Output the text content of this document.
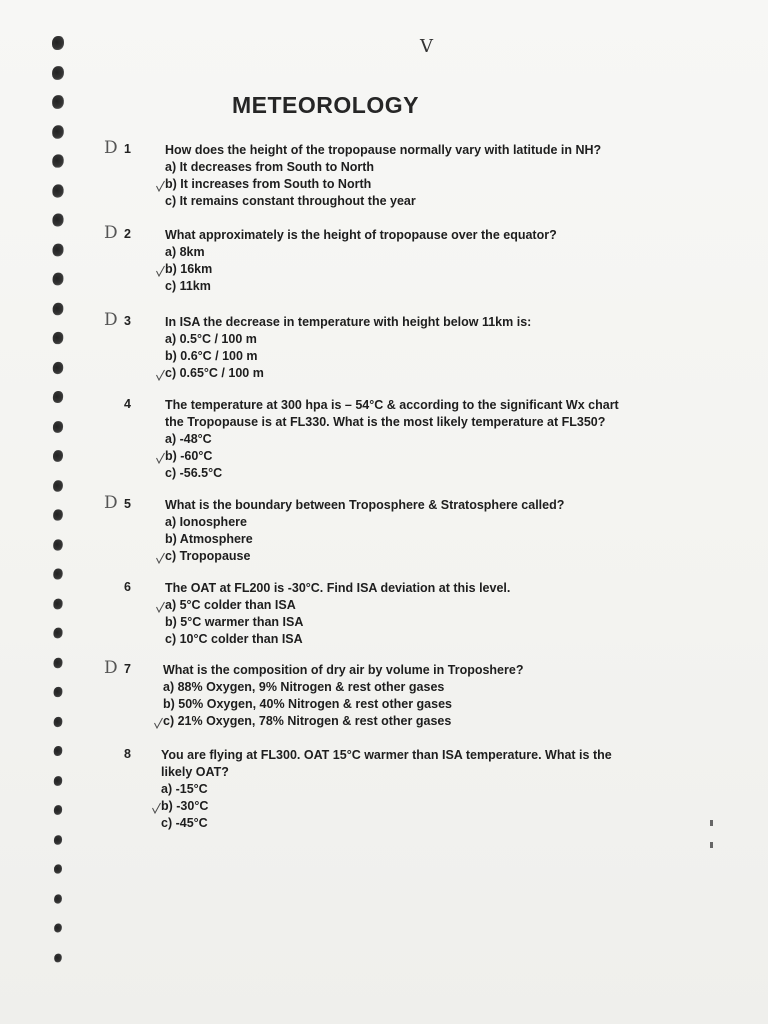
V
METEOROLOGY
D 1	How does the height of the tropopause normally vary with latitude in NH?
a) It decreases from South to North
b) It increases from South to North
c) It remains constant throughout the year
D 2	What approximately is the height of tropopause over the equator?
a) 8km
b) 16km
c) 11km
D 3	In ISA the decrease in temperature with height below 11km is:
a) 0.5°C / 100 m
b) 0.6°C / 100 m
c) 0.65°C / 100 m
4	The temperature at 300 hpa is – 54°C & according to the significant Wx chart the Tropopause is at FL330. What is the most likely temperature at FL350?
a) -48°C
b) -60°C
c) -56.5°C
D 5	What is the boundary between Troposphere & Stratosphere called?
a) Ionosphere
b) Atmosphere
c) Tropopause
6	The OAT at FL200 is -30°C. Find ISA deviation at this level.
a) 5°C colder than ISA
b) 5°C warmer than ISA
c) 10°C colder than ISA
D 7	What is the composition of dry air by volume in Troposhere?
a) 88% Oxygen, 9% Nitrogen & rest other gases
b) 50% Oxygen, 40% Nitrogen & rest other gases
c) 21% Oxygen, 78% Nitrogen & rest other gases
8 You are flying at FL300. OAT 15°C warmer than ISA temperature. What is the likely OAT?
a) -15°C
b) -30°C
c) -45°C
